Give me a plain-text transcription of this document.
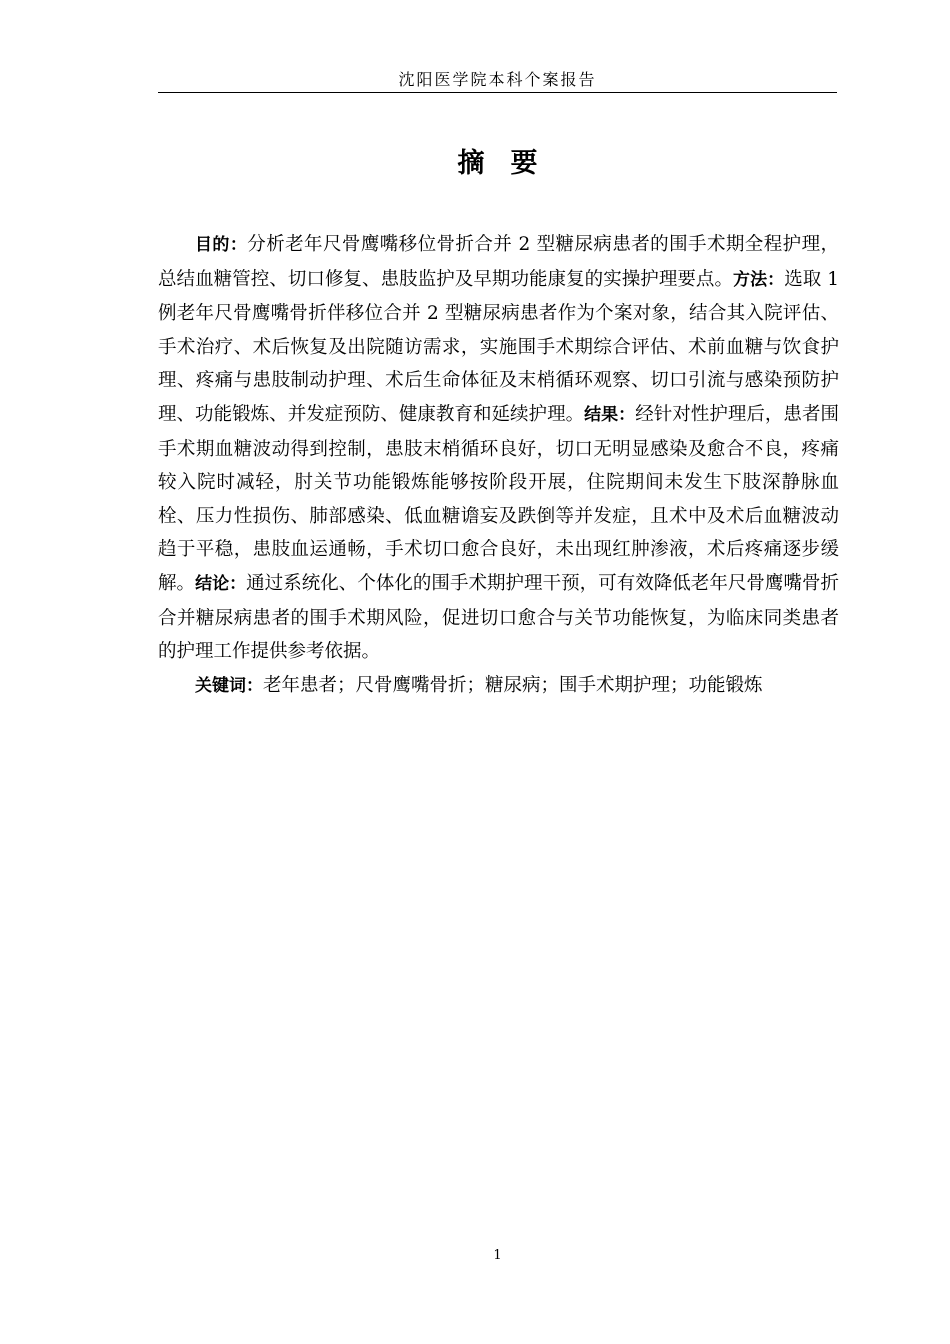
沈阳医学院本科个案报告
摘 要

目的：分析老年尺骨鹰嘴移位骨折合并 2 型糖尿病患者的围手术期全程护理，总结血糖管控、切口修复、患肢监护及早期功能康复的实操护理要点。方法：选取 1 例老年尺骨鹰嘴骨折伴移位合并 2 型糖尿病患者作为个案对象，结合其入院评估、手术治疗、术后恢复及出院随访需求，实施围手术期综合评估、术前血糖与饮食护理、疼痛与患肢制动护理、术后生命体征及末梢循环观察、切口引流与感染预防护理、功能锻炼、并发症预防、健康教育和延续护理。结果：经针对性护理后，患者围手术期血糖波动得到控制，患肢末梢循环良好，切口无明显感染及愈合不良，疼痛较入院时减轻，肘关节功能锻炼能够按阶段开展，住院期间未发生下肢深静脉血栓、压力性损伤、肺部感染、低血糖谵妄及跌倒等并发症，且术中及术后血糖波动趋于平稳，患肢血运通畅，手术切口愈合良好，未出现红肿渗液，术后疼痛逐步缓解。结论：通过系统化、个体化的围手术期护理干预，可有效降低老年尺骨鹰嘴骨折合并糖尿病患者的围手术期风险，促进切口愈合与关节功能恢复，为临床同类患者的护理工作提供参考依据。

关键词：老年患者；尺骨鹰嘴骨折；糖尿病；围手术期护理；功能锻炼

1
